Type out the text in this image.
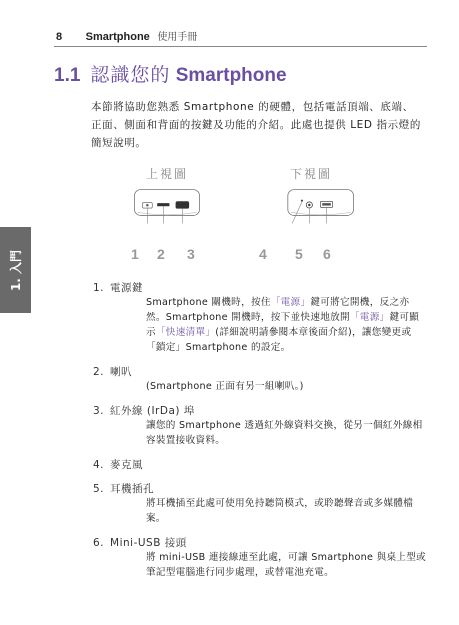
8 Smartphone 使用手冊
1. 入門
1.1 認識您的 Smartphone
本節將協助您熟悉 Smartphone 的硬體，包括電話頂端、底端、正面、側面和背面的按鍵及功能的介紹。此處也提供 LED 指示燈的簡短說明。
上視圖	下視圖
1 2 3	4 5 6
1. 電源鍵
Smartphone 關機時，按住「電源」鍵可將它開機，反之亦然。Smartphone 開機時，按下並快速地放開「電源」鍵可顯示「快速清單」(詳細說明請參閱本章後面介紹)，讓您變更或「鎖定」Smartphone 的設定。
2. 喇叭
(Smartphone 正面有另一組喇叭。)
3. 紅外線 (IrDa) 埠
讓您的 Smartphone 透過紅外線資料交換，從另一個紅外線相容裝置接收資料。
4. 麥克風
5. 耳機插孔
將耳機插至此處可使用免持聽筒模式，或聆聽聲音或多媒體檔案。
6. Mini-USB 接頭
將 mini-USB 連接線連至此處，可讓 Smartphone 與桌上型或筆記型電腦進行同步處理，或替電池充電。
